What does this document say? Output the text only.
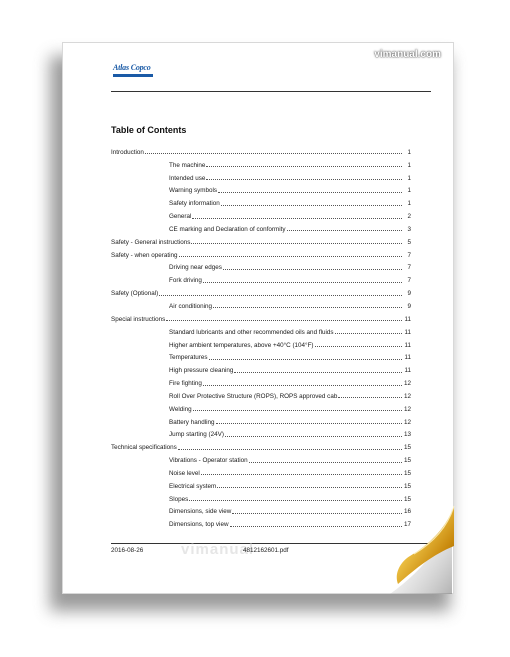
vimanual.com
Atlas Copco
Table of Contents
Introduction	1
The machine	1
Intended use	1
Warning symbols	1
Safety information	1
General	2
CE marking and Declaration of conformity	3
Safety - General instructions	5
Safety - when operating	7
Driving near edges	7
Fork driving	7
Safety (Optional)	9
Air conditioning	9
Special instructions	11
Standard lubricants and other recommended oils and fluids	11
Higher ambient temperatures, above +40°C (104°F)	11
Temperatures	11
High pressure cleaning	11
Fire fighting	12
Roll Over Protective Structure (ROPS), ROPS approved cab	12
Welding	12
Battery handling	12
Jump starting (24V)	13
Technical specifications	15
Vibrations - Operator station	15
Noise level	15
Electrical system	15
Slopes	15
Dimensions, side view	16
Dimensions, top view	17
2016-08-26	vimanual
4812162601.pdf
